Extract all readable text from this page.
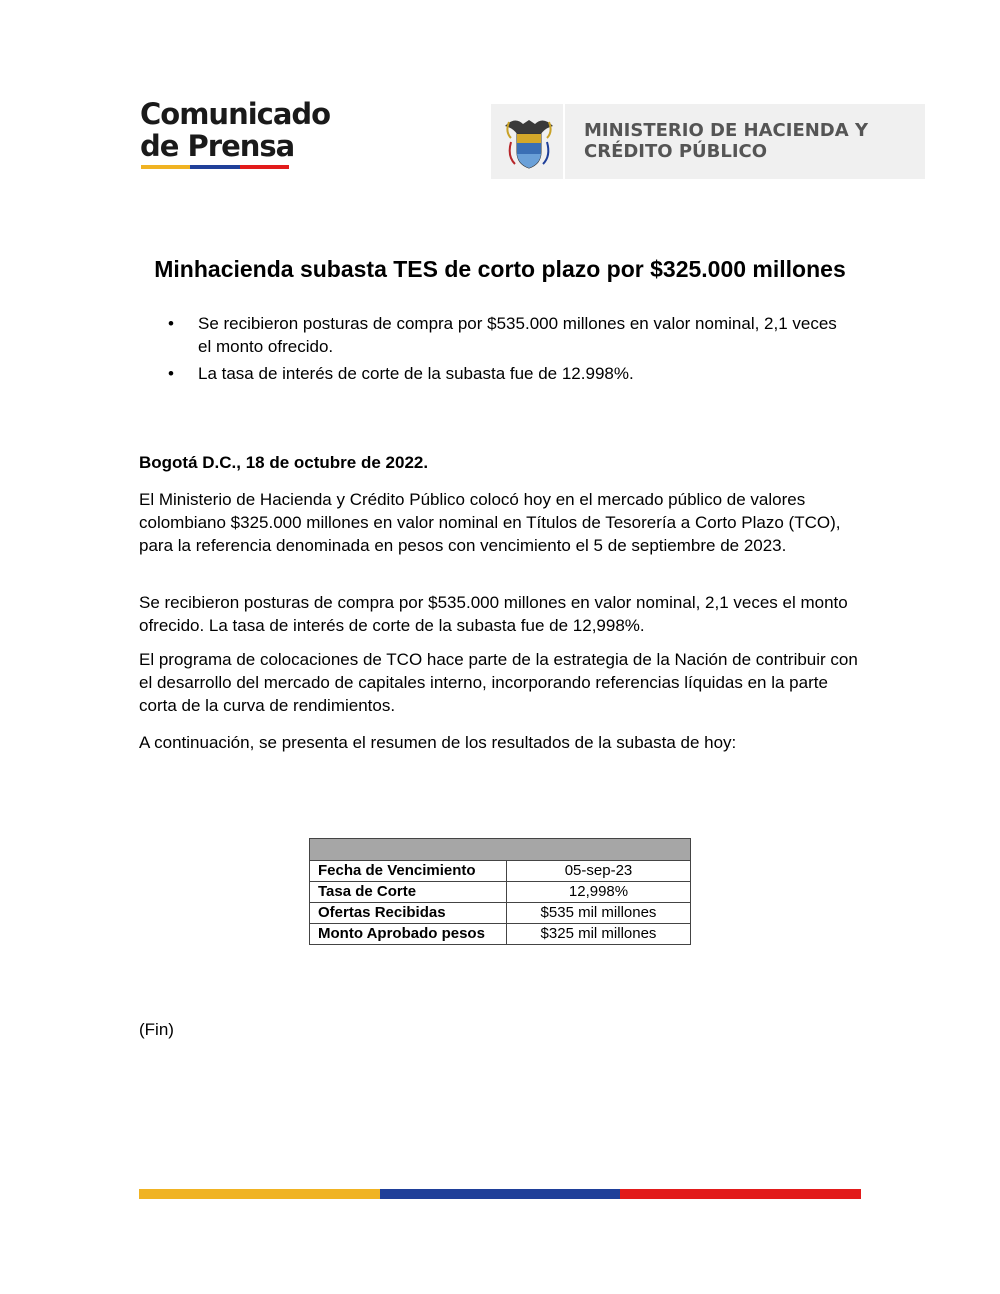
Comunicado
de Prensa	MINISTERIO DE HACIENDA Y
CRÉDITO PÚBLICO
Minhacienda subasta TES de corto plazo por $325.000 millones
• Se recibieron posturas de compra por $535.000 millones en valor nominal, 2,1 veces el monto ofrecido.
• La tasa de interés de corte de la subasta fue de 12.998%.

Bogotá D.C., 18 de octubre de 2022.

El Ministerio de Hacienda y Crédito Público colocó hoy en el mercado público de valores colombiano $325.000 millones en valor nominal en Títulos de Tesorería a Corto Plazo (TCO), para la referencia denominada en pesos con vencimiento el 5 de septiembre de 2023.

Se recibieron posturas de compra por $535.000 millones en valor nominal, 2,1 veces el monto ofrecido. La tasa de interés de corte de la subasta fue de 12,998%.

El programa de colocaciones de TCO hace parte de la estrategia de la Nación de contribuir con el desarrollo del mercado de capitales interno, incorporando referencias líquidas en la parte corta de la curva de rendimientos.

A continuación, se presenta el resumen de los resultados de la subasta de hoy:

Fecha de Vencimiento	05-sep-23
Tasa de Corte	12,998%
Ofertas Recibidas	$535 mil millones
Monto Aprobado pesos	$325 mil millones

(Fin)
